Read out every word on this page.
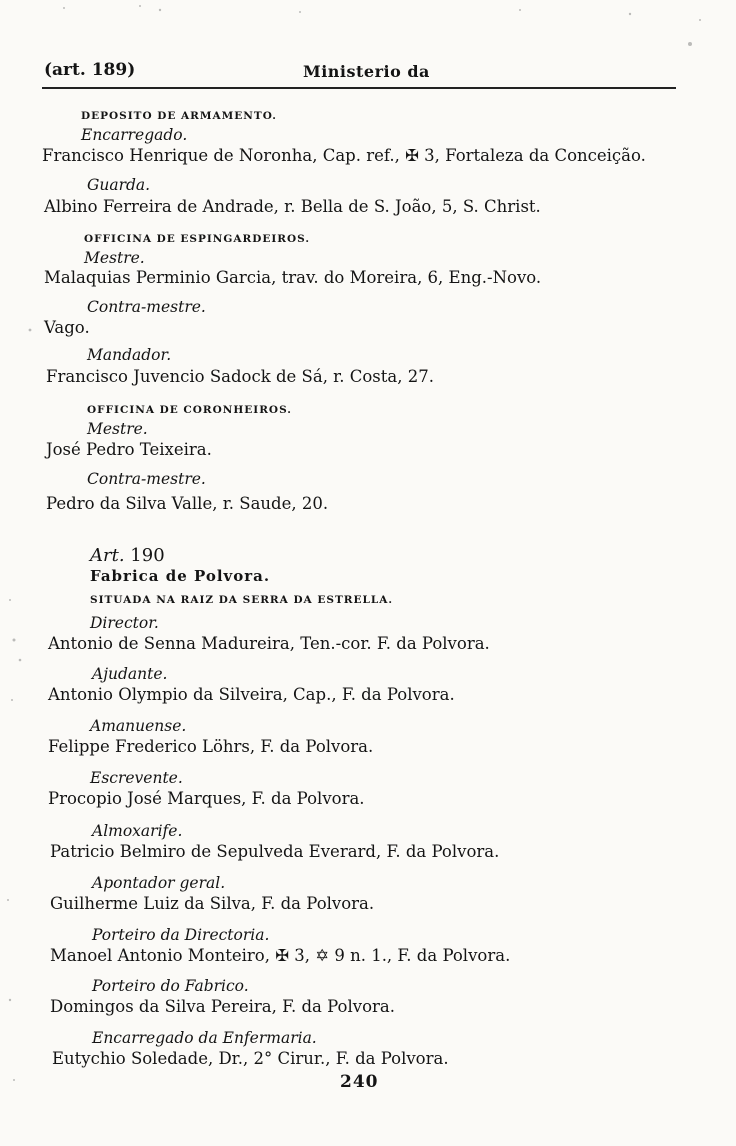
(art. 189)	Ministerio da
DEPOSITO DE ARMAMENTO.
Encarregado.
Francisco Henrique de Noronha, Cap. ref., ✠ 3, Fortaleza da Conceição.
Guarda.
Albino Ferreira de Andrade, r. Bella de S. João, 5, S. Christ.
OFFICINA DE ESPINGARDEIROS.
Mestre.
Malaquias Perminio Garcia, trav. do Moreira, 6, Eng.-Novo.
Contra-mestre.
Vago.
Mandador.
Francisco Juvencio Sadock de Sá, r. Costa, 27.
OFFICINA DE CORONHEIROS.
Mestre.
José Pedro Teixeira.
Contra-mestre.
Pedro da Silva Valle, r. Saude, 20.
Art. 190
Fabrica de Polvora.
SITUADA NA RAIZ DA SERRA DA ESTRELLA.
Director.
Antonio de Senna Madureira, Ten.-cor. F. da Polvora.
Ajudante.
Antonio Olympio da Silveira, Cap., F. da Polvora.
Amanuense.
Felippe Frederico Löhrs, F. da Polvora.
Escrevente.
Procopio José Marques, F. da Polvora.
Almoxarife.
Patricio Belmiro de Sepulveda Everard, F. da Polvora.
Apontador geral.
Guilherme Luiz da Silva, F. da Polvora.
Porteiro da Directoria.
Manoel Antonio Monteiro, ✠ 3, ✡ 9 n. 1., F. da Polvora.
Porteiro do Fabrico.
Domingos da Silva Pereira, F. da Polvora.
Encarregado da Enfermaria.
Eutychio Soledade, Dr., 2° Cirur., F. da Polvora.
240
